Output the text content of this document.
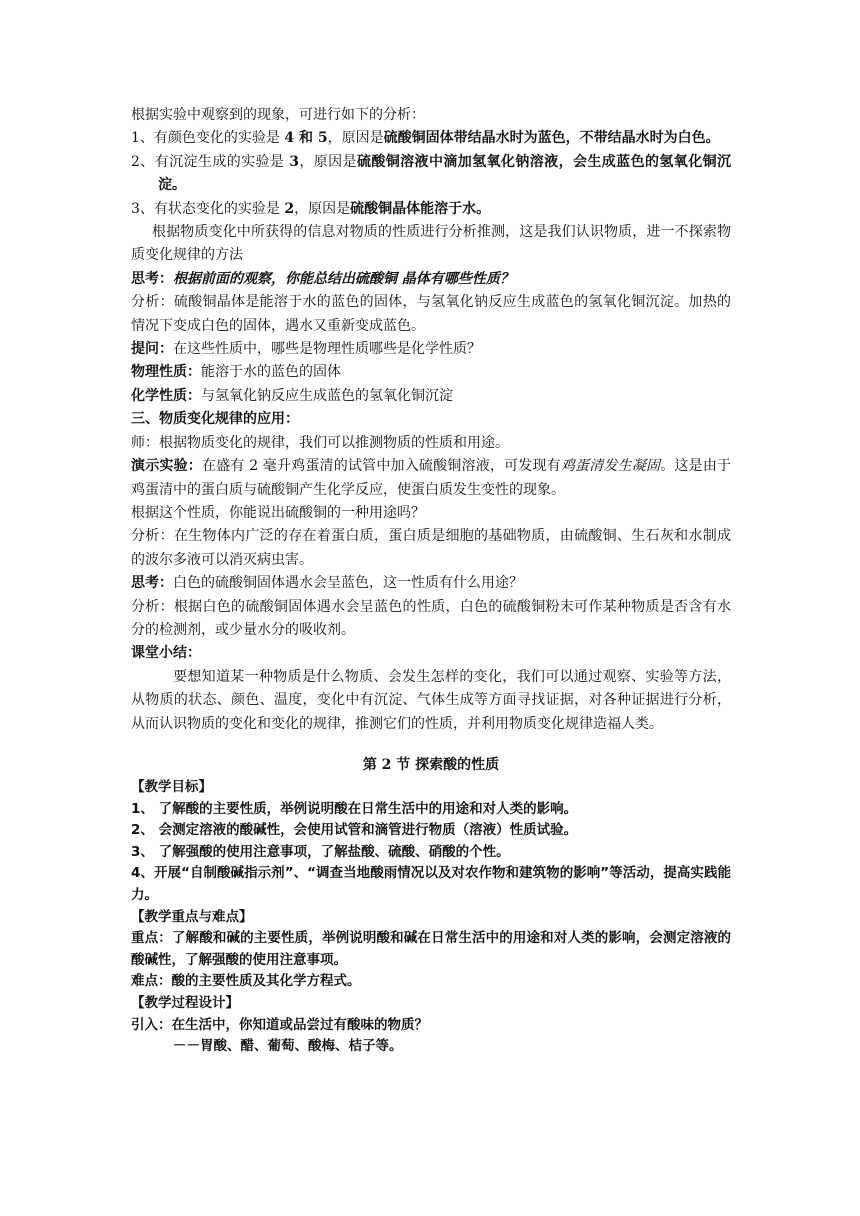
根据实验中观察到的现象，可进行如下的分析：

1、有颜色变化的实验是 4 和 5，原因是硫酸铜固体带结晶水时为蓝色，不带结晶水时为白色。

2、有沉淀生成的实验是 3，原因是硫酸铜溶液中滴加氢氧化钠溶液，会生成蓝色的氢氧化铜沉淀。

3、有状态变化的实验是 2，原因是硫酸铜晶体能溶于水。

根据物质变化中所获得的信息对物质的性质进行分析推测，这是我们认识物质，进一不探索物质变化规律的方法

思考：根据前面的观察，你能总结出硫酸铜 晶体有哪些性质？

分析：硫酸铜晶体是能溶于水的蓝色的固体，与氢氧化钠反应生成蓝色的氢氧化铜沉淀。加热的情况下变成白色的固体，遇水又重新变成蓝色。

提问：在这些性质中，哪些是物理性质哪些是化学性质？

物理性质：能溶于水的蓝色的固体

化学性质：与氢氧化钠反应生成蓝色的氢氧化铜沉淀

三、物质变化规律的应用：

师：根据物质变化的规律，我们可以推测物质的性质和用途。

演示实验：在盛有 2 毫升鸡蛋清的试管中加入硫酸铜溶液，可发现有鸡蛋清发生凝固。这是由于鸡蛋清中的蛋白质与硫酸铜产生化学反应，使蛋白质发生变性的现象。

根据这个性质，你能说出硫酸铜的一种用途吗？

分析：在生物体内广泛的存在着蛋白质，蛋白质是细胞的基础物质，由硫酸铜、生石灰和水制成的波尔多液可以消灭病虫害。

思考：白色的硫酸铜固体遇水会呈蓝色，这一性质有什么用途？

分析：根据白色的硫酸铜固体遇水会呈蓝色的性质，白色的硫酸铜粉末可作某种物质是否含有水分的检测剂，或少量水分的吸收剂。

课堂小结：

要想知道某一种物质是什么物质、会发生怎样的变化，我们可以通过观察、实验等方法，从物质的状态、颜色、温度，变化中有沉淀、气体生成等方面寻找证据，对各种证据进行分析，从而认识物质的变化和变化的规律，推测它们的性质，并利用物质变化规律造福人类。

第 2 节 探索酸的性质

【教学目标】

1、 了解酸的主要性质，举例说明酸在日常生活中的用途和对人类的影响。

2、 会测定溶液的酸碱性，会使用试管和滴管进行物质（溶液）性质试验。

3、 了解强酸的使用注意事项，了解盐酸、硫酸、硝酸的个性。

4、开展“自制酸碱指示剂”、“调查当地酸雨情况以及对农作物和建筑物的影响”等活动，提高实践能力。

【教学重点与难点】

重点：了解酸和碱的主要性质，举例说明酸和碱在日常生活中的用途和对人类的影响，会测定溶液的酸碱性，了解强酸的使用注意事项。

难点：酸的主要性质及其化学方程式。

【教学过程设计】

引入：在生活中，你知道或品尝过有酸味的物质？

－－胃酸、醋、葡萄、酸梅、桔子等。
